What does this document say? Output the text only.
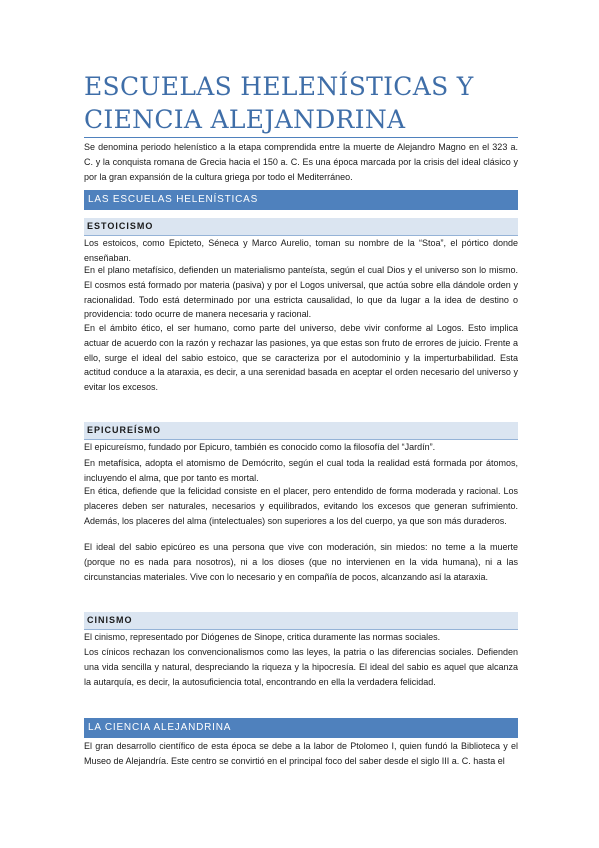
ESCUELAS HELENÍSTICAS Y CIENCIA ALEJANDRINA
Se denomina periodo helenístico a la etapa comprendida entre la muerte de Alejandro Magno en el 323 a. C. y la conquista romana de Grecia hacia el 150 a. C. Es una época marcada por la crisis del ideal clásico y por la gran expansión de la cultura griega por todo el Mediterráneo.
LAS ESCUELAS HELENÍSTICAS
ESTOICISMO
Los estoicos, como Epicteto, Séneca y Marco Aurelio, toman su nombre de la “Stoa”, el pórtico donde enseñaban.
En el plano metafísico, defienden un materialismo panteísta, según el cual Dios y el universo son lo mismo. El cosmos está formado por materia (pasiva) y por el Logos universal, que actúa sobre ella dándole orden y racionalidad. Todo está determinado por una estricta causalidad, lo que da lugar a la idea de destino o providencia: todo ocurre de manera necesaria y racional.
En el ámbito ético, el ser humano, como parte del universo, debe vivir conforme al Logos. Esto implica actuar de acuerdo con la razón y rechazar las pasiones, ya que estas son fruto de errores de juicio. Frente a ello, surge el ideal del sabio estoico, que se caracteriza por el autodominio y la imperturbabilidad. Esta actitud conduce a la ataraxia, es decir, a una serenidad basada en aceptar el orden necesario del universo y evitar los excesos.
EPICUREÍSMO
El epicureísmo, fundado por Epicuro, también es conocido como la filosofía del “Jardín”.
En metafísica, adopta el atomismo de Demócrito, según el cual toda la realidad está formada por átomos, incluyendo el alma, que por tanto es mortal.
En ética, defiende que la felicidad consiste en el placer, pero entendido de forma moderada y racional. Los placeres deben ser naturales, necesarios y equilibrados, evitando los excesos que generan sufrimiento. Además, los placeres del alma (intelectuales) son superiores a los del cuerpo, ya que son más duraderos.
El ideal del sabio epicúreo es una persona que vive con moderación, sin miedos: no teme a la muerte (porque no es nada para nosotros), ni a los dioses (que no intervienen en la vida humana), ni a las circunstancias materiales. Vive con lo necesario y en compañía de pocos, alcanzando así la ataraxia.
CINISMO
El cinismo, representado por Diógenes de Sinope, critica duramente las normas sociales.
Los cínicos rechazan los convencionalismos como las leyes, la patria o las diferencias sociales. Defienden una vida sencilla y natural, despreciando la riqueza y la hipocresía. El ideal del sabio es aquel que alcanza la autarquía, es decir, la autosuficiencia total, encontrando en ella la verdadera felicidad.
LA CIENCIA ALEJANDRINA
El gran desarrollo científico de esta época se debe a la labor de Ptolomeo I, quien fundó la Biblioteca y el Museo de Alejandría. Este centro se convirtió en el principal foco del saber desde el siglo III a. C. hasta el
